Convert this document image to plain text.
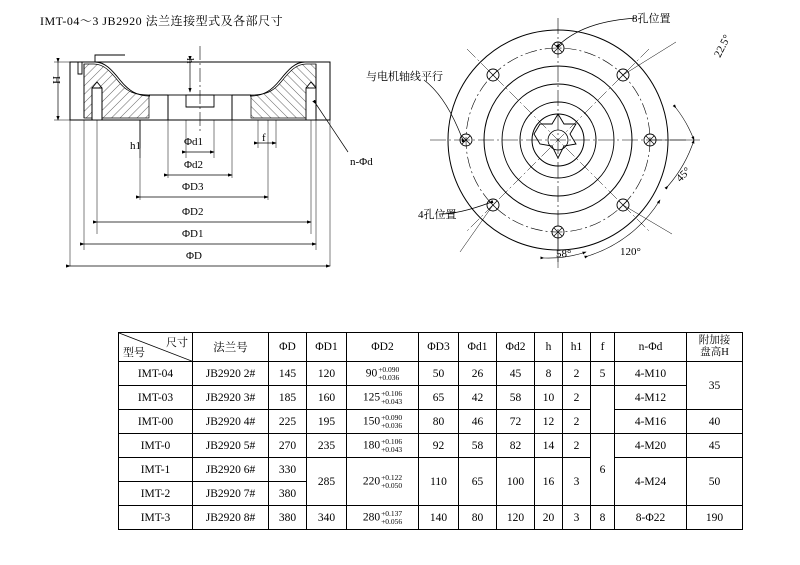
IMT-04～3 JB2920 法兰连接型式及各部尺寸	8孔位置
4孔位置
与电机轴线平行
n-Φd
22.5°
45°
58°	120°
H
h
h1
f
Φd1
Φd2
ΦD3
ΦD2
ΦD1
ΦD
尺寸
型号	法兰号	ΦD	ΦD1	ΦD2	ΦD3	Φd1	Φd2	h	h1	f	n-Φd	
附加接
盘高H

IMT-04	JB2920 2#	145	120	90 +0.090
+0.036	50	26	45	8	2	5	4-M10	35
IMT-03	JB2920 3#	185	160	125 +0.106
+0.043	65	42	58	10	2		4-M12	
IMT-00	JB2920 4#	225	195	150 +0.090
+0.036	80	46	72	12	2		4-M16	40
IMT-0	JB2920 5#	270	235	180 +0.106
+0.043	92	58	82	14	2	6	4-M20	45
IMT-1	JB2920 6#	330	285	220 +0.122
+0.050	110	65	100	16	3		4-M24	50
IMT-2	JB2920 7#	380										
IMT-3	JB2920 8#	380	340	280 +0.137
+0.056	140	80	120	20	3	8	8-Φ22	190
